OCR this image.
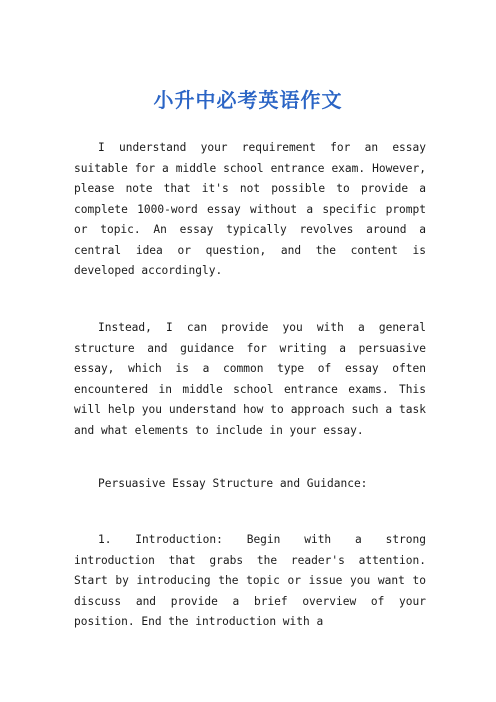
小升中必考英语作文

I understand your requirement for an essay suitable for a middle school entrance exam. However, please note that it's not possible to provide a complete 1000-word essay without a specific prompt or topic. An essay typically revolves around a central idea or question, and the content is developed accordingly.

Instead, I can provide you with a general structure and guidance for writing a persuasive essay, which is a common type of essay often encountered in middle school entrance exams. This will help you understand how to approach such a task and what elements to include in your essay.

Persuasive Essay Structure and Guidance:

1. Introduction: Begin with a strong introduction that grabs the reader's attention. Start by introducing the topic or issue you want to discuss and provide a brief overview of your position. End the introduction with a
